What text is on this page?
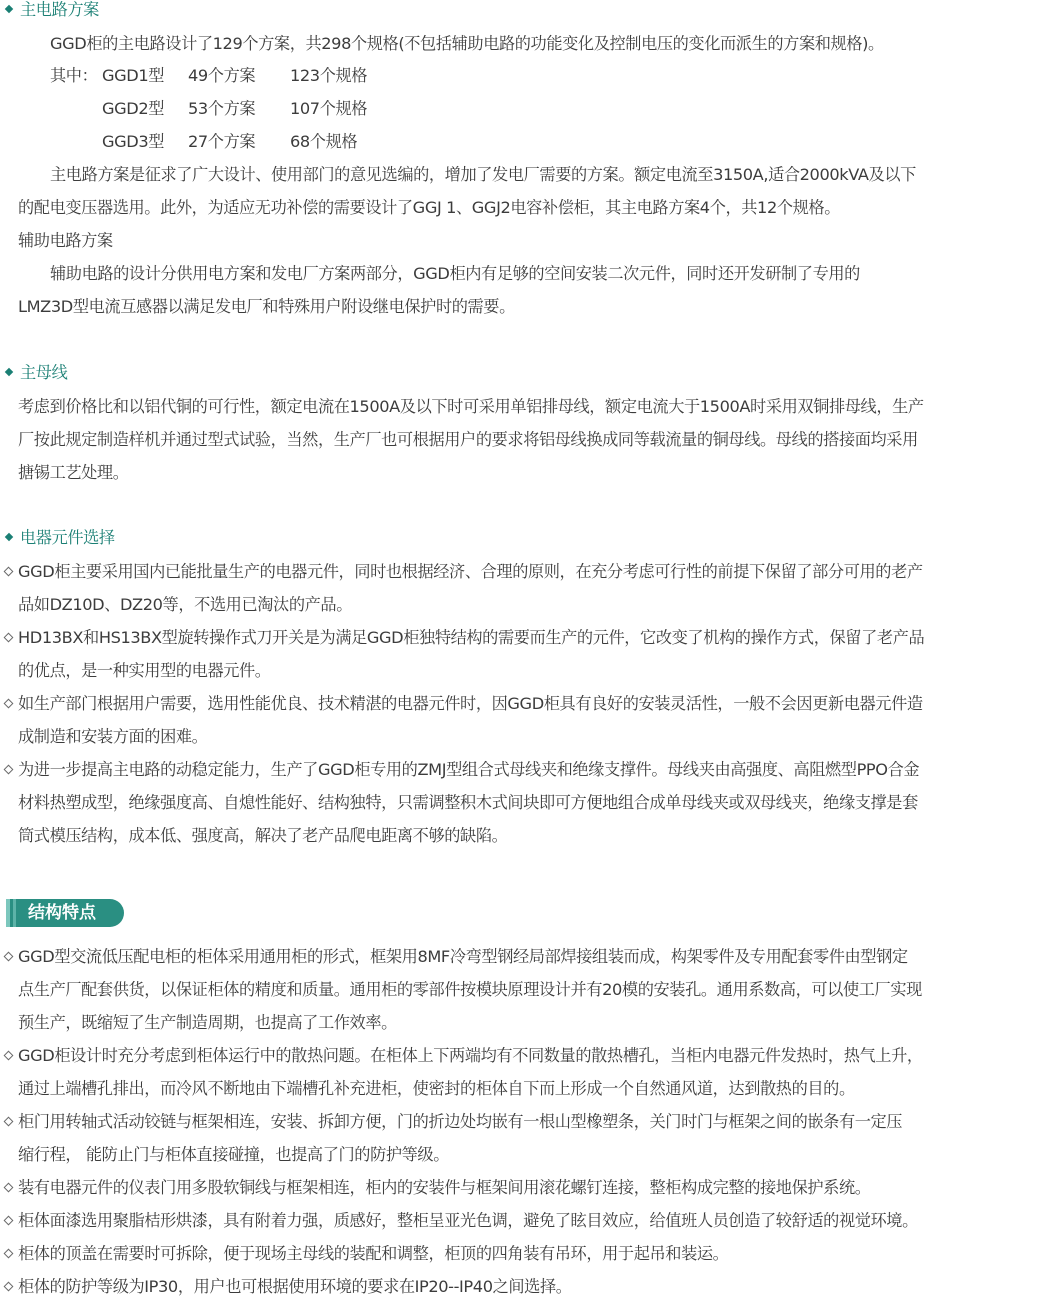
主电路方案
GGD柜的主电路设计了129个方案，共298个规格(不包括辅助电路的功能变化及控制电压的变化而派生的方案和规格)。
其中： GGD1型 49个方案 123个规格
GGD2型 53个方案 107个规格
GGD3型 27个方案 68个规格
主电路方案是征求了广大设计、使用部门的意见选编的，增加了发电厂需要的方案。额定电流至3150A,适合2000kVA及以下
的配电变压器选用。此外，为适应无功补偿的需要设计了GGJ 1、GGJ2电容补偿柜，其主电路方案4个，共12个规格。
辅助电路方案
辅助电路的设计分供用电方案和发电厂方案两部分，GGD柜内有足够的空间安装二次元件，同时还开发研制了专用的
LMZ3D型电流互感器以满足发电厂和特殊用户附设继电保护时的需要。
主母线
考虑到价格比和以铝代铜的可行性，额定电流在1500A及以下时可采用单铝排母线，额定电流大于1500A时采用双铜排母线，生产
厂按此规定制造样机并通过型式试验，当然，生产厂也可根据用户的要求将铝母线换成同等载流量的铜母线。母线的搭接面均采用
搪锡工艺处理。
电器元件选择
GGD柜主要采用国内已能批量生产的电器元件，同时也根据经济、合理的原则，在充分考虑可行性的前提下保留了部分可用的老产
品如DZ10D、DZ20等，不选用已淘汰的产品。
HD13BX和HS13BX型旋转操作式刀开关是为满足GGD柜独特结构的需要而生产的元件，它改变了机构的操作方式，保留了老产品
的优点，是一种实用型的电器元件。
如生产部门根据用户需要，选用性能优良、技术精湛的电器元件时，因GGD柜具有良好的安装灵活性，一般不会因更新电器元件造
成制造和安装方面的困难。
为进一步提高主电路的动稳定能力，生产了GGD柜专用的ZMJ型组合式母线夹和绝缘支撑件。母线夹由高强度、高阻燃型PPO合金
材料热塑成型，绝缘强度高、自熄性能好、结构独特，只需调整积木式间块即可方便地组合成单母线夹或双母线夹，绝缘支撑是套
筒式模压结构，成本低、强度高，解决了老产品爬电距离不够的缺陷。
结构特点
GGD型交流低压配电柜的柜体采用通用柜的形式，框架用8MF冷弯型钢经局部焊接组装而成，构架零件及专用配套零件由型钢定
点生产厂配套供货，以保证柜体的精度和质量。通用柜的零部件按模块原理设计并有20模的安装孔。通用系数高，可以使工厂实现
预生产，既缩短了生产制造周期，也提高了工作效率。
GGD柜设计时充分考虑到柜体运行中的散热问题。在柜体上下两端均有不同数量的散热槽孔，当柜内电器元件发热时，热气上升，
通过上端槽孔排出，而冷风不断地由下端槽孔补充进柜，使密封的柜体自下而上形成一个自然通风道，达到散热的目的。
柜门用转轴式活动铰链与框架相连，安装、拆卸方便，门的折边处均嵌有一根山型橡塑条，关门时门与框架之间的嵌条有一定压
缩行程， 能防止门与柜体直接碰撞，也提高了门的防护等级。
装有电器元件的仪表门用多股软铜线与框架相连，柜内的安装件与框架间用滚花螺钉连接，整柜构成完整的接地保护系统。
柜体面漆选用聚脂桔形烘漆，具有附着力强，质感好，整柜呈亚光色调，避免了眩目效应，给值班人员创造了较舒适的视觉环境。
柜体的顶盖在需要时可拆除，便于现场主母线的装配和调整，柜顶的四角装有吊环，用于起吊和装运。
柜体的防护等级为IP30，用户也可根据使用环境的要求在IP20--IP40之间选择。
